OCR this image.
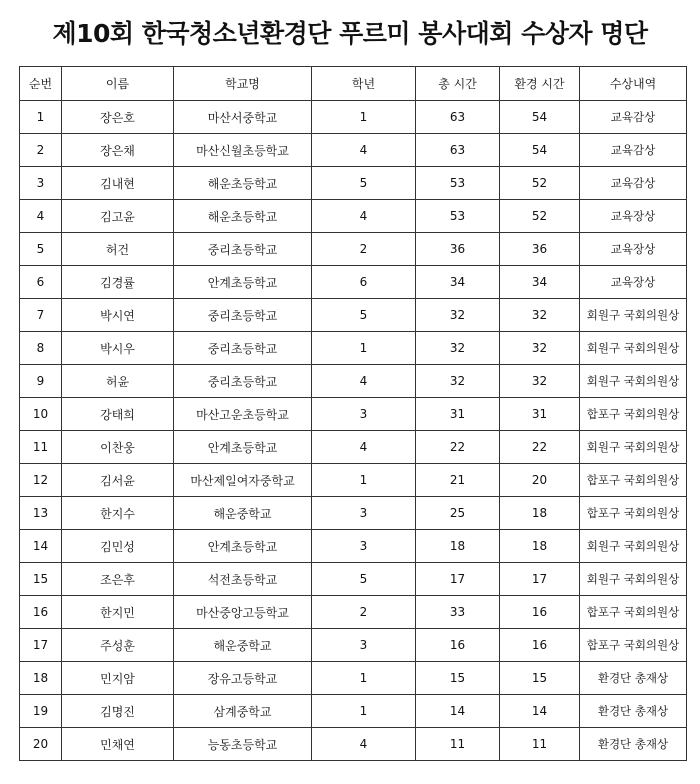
제10회 한국청소년환경단 푸르미 봉사대회 수상자 명단
순번	이름	학교명	학년	총 시간	환경 시간	수상내역
1	장은호	마산서중학교	1	63	54	교육감상
2	장은채	마산신월초등학교	4	63	54	교육감상
3	김내현	해운초등학교	5	53	52	교육감상
4	김고윤	해운초등학교	4	53	52	교육장상
5	허건	중리초등학교	2	36	36	교육장상
6	김경률	안계초등학교	6	34	34	교육장상
7	박시연	중리초등학교	5	32	32	회원구 국회의원상
8	박시우	중리초등학교	1	32	32	회원구 국회의원상
9	허윤	중리초등학교	4	32	32	회원구 국회의원상
10	강태희	마산고운초등학교	3	31	31	합포구 국회의원상
11	이찬웅	안계초등학교	4	22	22	회원구 국회의원상
12	김서윤	마산제일여자중학교	1	21	20	합포구 국회의원상
13	한지수	해운중학교	3	25	18	합포구 국회의원상
14	김민성	안계초등학교	3	18	18	회원구 국회의원상
15	조은후	석전초등학교	5	17	17	회원구 국회의원상
16	한지민	마산중앙고등학교	2	33	16	합포구 국회의원상
17	주성훈	해운중학교	3	16	16	합포구 국회의원상
18	민지암	장유고등학교	1	15	15	환경단 총재상
19	김명진	삼계중학교	1	14	14	환경단 총재상
20	민채연	능동초등학교	4	11	11	환경단 총재상
